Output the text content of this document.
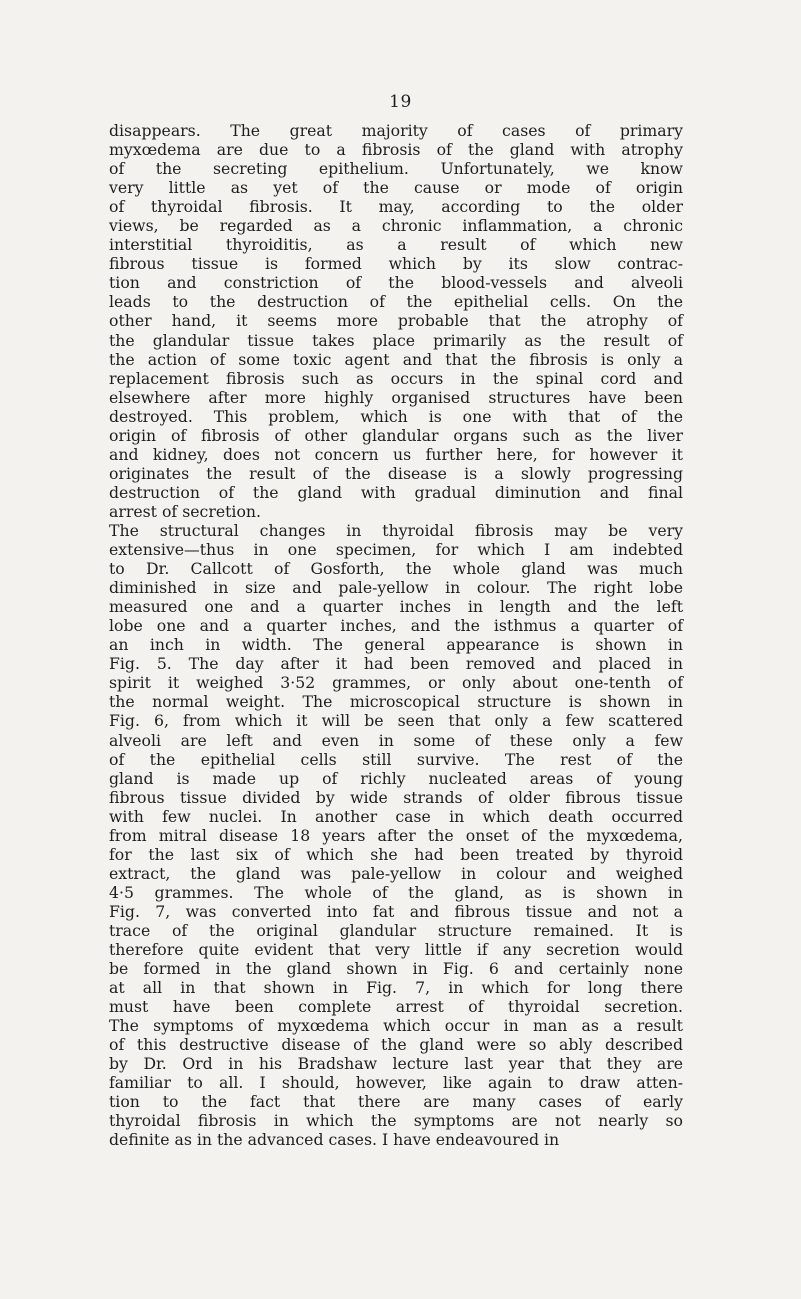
19
disappears. The great majority of cases of primary
myxœdema are due to a fibrosis of the gland with atrophy
of the secreting epithelium. Unfortunately, we know
very little as yet of the cause or mode of origin
of thyroidal fibrosis. It may, according to the older
views, be regarded as a chronic inflammation, a chronic
interstitial thyroiditis, as a result of which new
fibrous tissue is formed which by its slow contrac-
tion and constriction of the blood-vessels and alveoli
leads to the destruction of the epithelial cells. On the
other hand, it seems more probable that the atrophy of
the glandular tissue takes place primarily as the result of
the action of some toxic agent and that the fibrosis is only a
replacement fibrosis such as occurs in the spinal cord and
elsewhere after more highly organised structures have been
destroyed. This problem, which is one with that of the
origin of fibrosis of other glandular organs such as the liver
and kidney, does not concern us further here, for however it
originates the result of the disease is a slowly progressing
destruction of the gland with gradual diminution and final
arrest of secretion.
The structural changes in thyroidal fibrosis may be very
extensive—thus in one specimen, for which I am indebted
to Dr. Callcott of Gosforth, the whole gland was much
diminished in size and pale-yellow in colour. The right lobe
measured one and a quarter inches in length and the left
lobe one and a quarter inches, and the isthmus a quarter of
an inch in width. The general appearance is shown in
Fig. 5. The day after it had been removed and placed in
spirit it weighed 3·52 grammes, or only about one-tenth of
the normal weight. The microscopical structure is shown in
Fig. 6, from which it will be seen that only a few scattered
alveoli are left and even in some of these only a few
of the epithelial cells still survive. The rest of the
gland is made up of richly nucleated areas of young
fibrous tissue divided by wide strands of older fibrous tissue
with few nuclei. In another case in which death occurred
from mitral disease 18 years after the onset of the myxœdema,
for the last six of which she had been treated by thyroid
extract, the gland was pale-yellow in colour and weighed
4·5 grammes. The whole of the gland, as is shown in
Fig. 7, was converted into fat and fibrous tissue and not a
trace of the original glandular structure remained. It is
therefore quite evident that very little if any secretion would
be formed in the gland shown in Fig. 6 and certainly none
at all in that shown in Fig. 7, in which for long there
must have been complete arrest of thyroidal secretion.
The symptoms of myxœdema which occur in man as a result
of this destructive disease of the gland were so ably described
by Dr. Ord in his Bradshaw lecture last year that they are
familiar to all. I should, however, like again to draw atten-
tion to the fact that there are many cases of early
thyroidal fibrosis in which the symptoms are not nearly so
definite as in the advanced cases. I have endeavoured in
